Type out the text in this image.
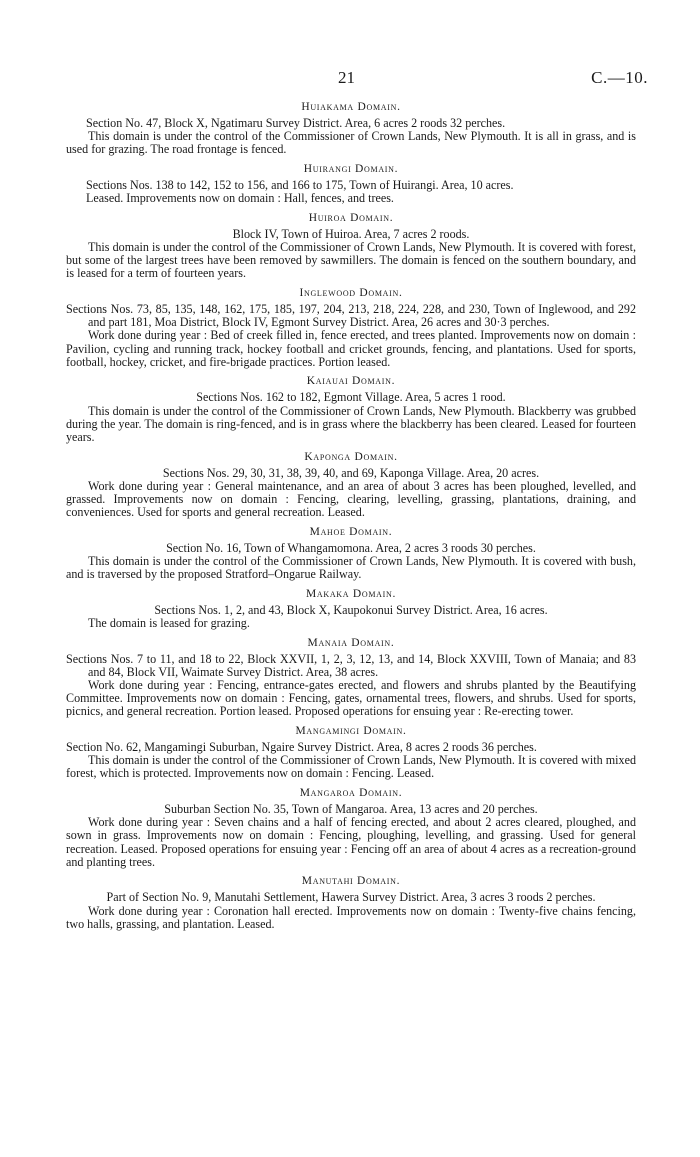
21	C.—10.
Huiakama Domain.

Section No. 47, Block X, Ngatimaru Survey District. Area, 6 acres 2 roods 32 perches.

This domain is under the control of the Commissioner of Crown Lands, New Plymouth. It is all in grass, and is used for grazing. The road frontage is fenced.

Huirangi Domain.

Sections Nos. 138 to 142, 152 to 156, and 166 to 175, Town of Huirangi. Area, 10 acres.

Leased. Improvements now on domain : Hall, fences, and trees.

Huiroa Domain.

Block IV, Town of Huiroa. Area, 7 acres 2 roods.

This domain is under the control of the Commissioner of Crown Lands, New Plymouth. It is covered with forest, but some of the largest trees have been removed by sawmillers. The domain is fenced on the southern boundary, and is leased for a term of fourteen years.

Inglewood Domain.

Sections Nos. 73, 85, 135, 148, 162, 175, 185, 197, 204, 213, 218, 224, 228, and 230, Town of Inglewood, and 292 and part 181, Moa District, Block IV, Egmont Survey District. Area, 26 acres and 30·3 perches.

Work done during year : Bed of creek filled in, fence erected, and trees planted. Improvements now on domain : Pavilion, cycling and running track, hockey football and cricket grounds, fencing, and plantations. Used for sports, football, hockey, cricket, and fire-brigade practices. Portion leased.

Kaiauai Domain.

Sections Nos. 162 to 182, Egmont Village. Area, 5 acres 1 rood.

This domain is under the control of the Commissioner of Crown Lands, New Plymouth. Blackberry was grubbed during the year. The domain is ring-fenced, and is in grass where the blackberry has been cleared. Leased for fourteen years.

Kaponga Domain.

Sections Nos. 29, 30, 31, 38, 39, 40, and 69, Kaponga Village. Area, 20 acres.

Work done during year : General maintenance, and an area of about 3 acres has been ploughed, levelled, and grassed. Improvements now on domain : Fencing, clearing, levelling, grassing, plantations, draining, and conveniences. Used for sports and general recreation. Leased.

Mahoe Domain.

Section No. 16, Town of Whangamomona. Area, 2 acres 3 roods 30 perches.

This domain is under the control of the Commissioner of Crown Lands, New Plymouth. It is covered with bush, and is traversed by the proposed Stratford–Ongarue Railway.

Makaka Domain.

Sections Nos. 1, 2, and 43, Block X, Kaupokonui Survey District. Area, 16 acres.

The domain is leased for grazing.

Manaia Domain.

Sections Nos. 7 to 11, and 18 to 22, Block XXVII, 1, 2, 3, 12, 13, and 14, Block XXVIII, Town of Manaia; and 83 and 84, Block VII, Waimate Survey District. Area, 38 acres.

Work done during year : Fencing, entrance-gates erected, and flowers and shrubs planted by the Beautifying Committee. Improvements now on domain : Fencing, gates, ornamental trees, flowers, and shrubs. Used for sports, picnics, and general recreation. Portion leased. Proposed operations for ensuing year : Re-erecting tower.

Mangamingi Domain.

Section No. 62, Mangamingi Suburban, Ngaire Survey District. Area, 8 acres 2 roods 36 perches.

This domain is under the control of the Commissioner of Crown Lands, New Plymouth. It is covered with mixed forest, which is protected. Improvements now on domain : Fencing. Leased.

Mangaroa Domain.

Suburban Section No. 35, Town of Mangaroa. Area, 13 acres and 20 perches.

Work done during year : Seven chains and a half of fencing erected, and about 2 acres cleared, ploughed, and sown in grass. Improvements now on domain : Fencing, ploughing, levelling, and grassing. Used for general recreation. Leased. Proposed operations for ensuing year : Fencing off an area of about 4 acres as a recreation-ground and planting trees.

Manutahi Domain.

Part of Section No. 9, Manutahi Settlement, Hawera Survey District. Area, 3 acres 3 roods 2 perches.

Work done during year : Coronation hall erected. Improvements now on domain : Twenty-five chains fencing, two halls, grassing, and plantation. Leased.
